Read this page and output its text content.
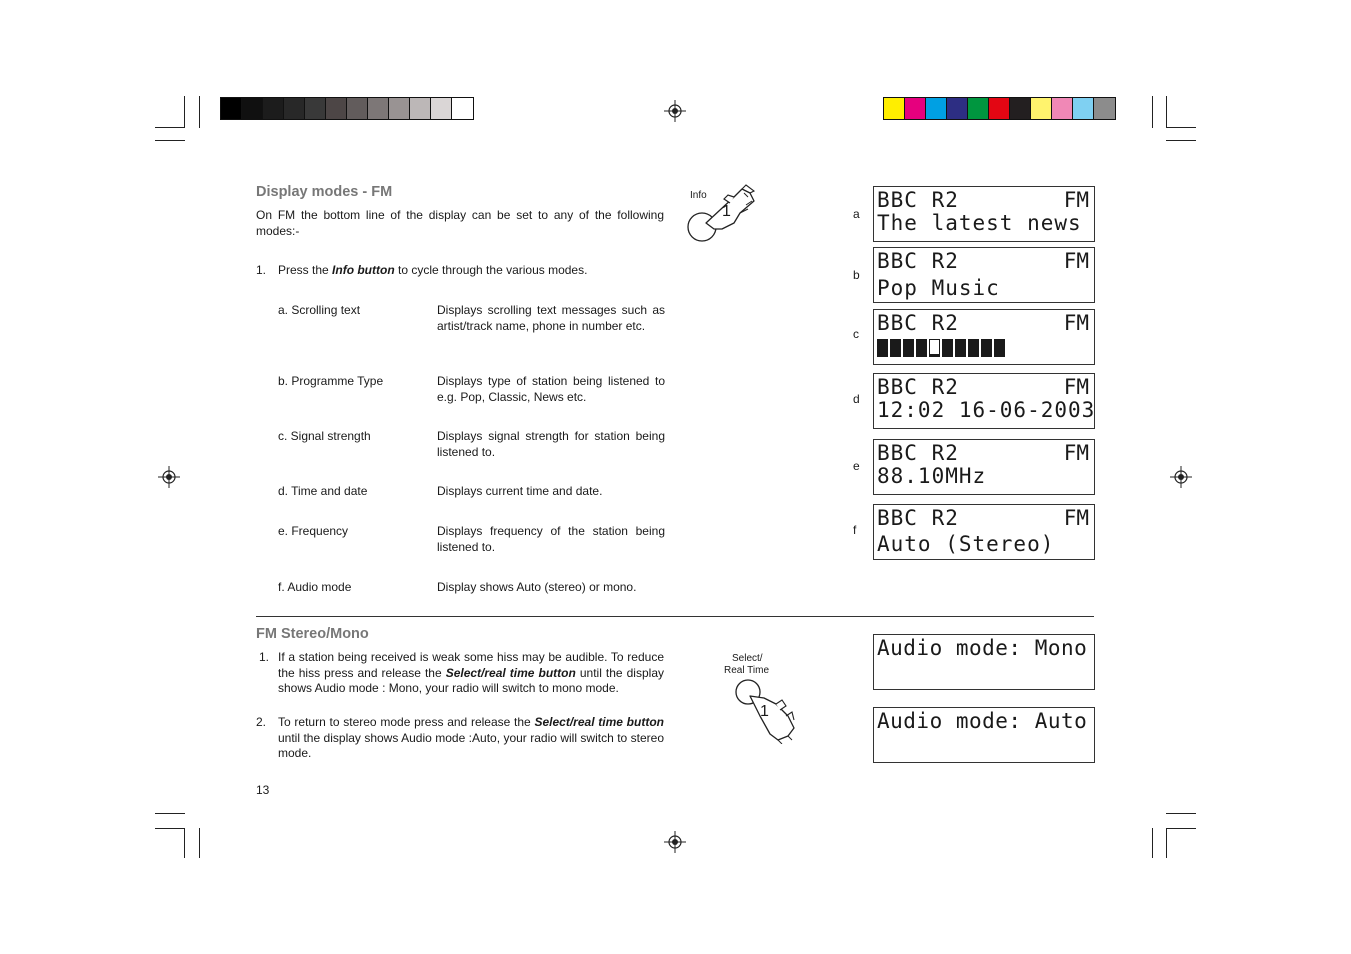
Display modes - FM
On FM the bottom line of the display can be set to any of the following modes:-
1. Press the Info button to cycle through the various modes.
a. Scrolling text	Displays scrolling text messages such as artist/track name, phone in number etc.
b. Programme Type	Displays type of station being listened to e.g. Pop, Classic, News etc.
c. Signal strength	Displays signal strength for station being listened to.
d. Time and date	Displays current time and date.
e. Frequency	Displays frequency of the station being listened to.
f. Audio mode	Display shows Auto (stereo) or mono.
Info
1	a
BBC R2	FM
The latest news
b
BBC R2	FM
Pop Music
c BBC R2	FM
d BBC R2	FM
12:02 16-06-2003
e
BBC R2	FM
88.10MHz
f BBC R2	FM
Auto (Stereo)
FM Stereo/Mono
1. If a station being received is weak some hiss may be audible. To reduce the hiss press and release the Select/real time button until the display shows Audio mode : Mono, your radio will switch to mono mode.
2. To return to stereo mode press and release the Select/real time button until the display shows Audio mode :Auto, your radio will switch to stereo mode.
Select/
Real Time
1
Audio mode: Mono
Audio mode: Auto
13
